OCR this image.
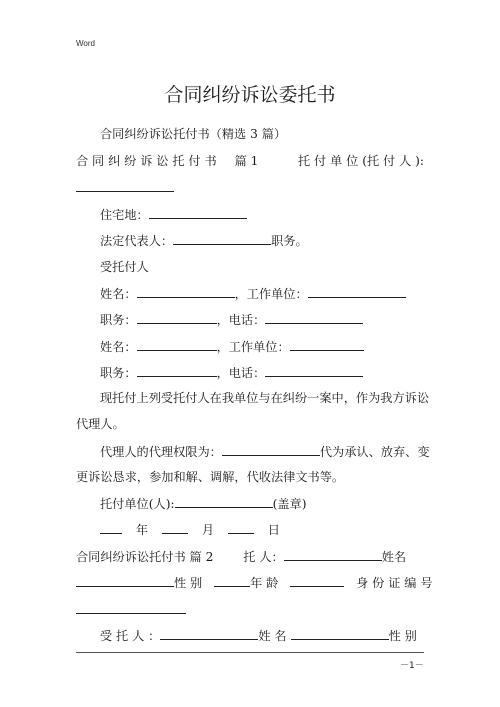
Word
合同纠纷诉讼委托书
合同纠纷诉讼托付书（精选 3 篇）
合 同 纠 纷 诉 讼 托 付 书 篇 1	托 付 单 位 (托 付 人 ):
住宅地：
法定代表人：	职务。
受托付人
姓名：	，工作单位：
职务：	，电话：
姓名：	，工作单位：
职务：	，电话：
现托付上列受托付人在我单位与在纠纷一案中，作为我方诉讼
代理人。
代理人的代理权限为：	代为承认、放弃、变
更诉讼恳求，参加和解、调解，代收法律文书等。
托付单位(人):	(盖章)
年	月	日
合同纠纷诉讼托付书 篇 2 托 人：	姓名
性 别	年 龄	身 份 证 编 号
受 托 人 ：	姓 名	性 别
－1－
